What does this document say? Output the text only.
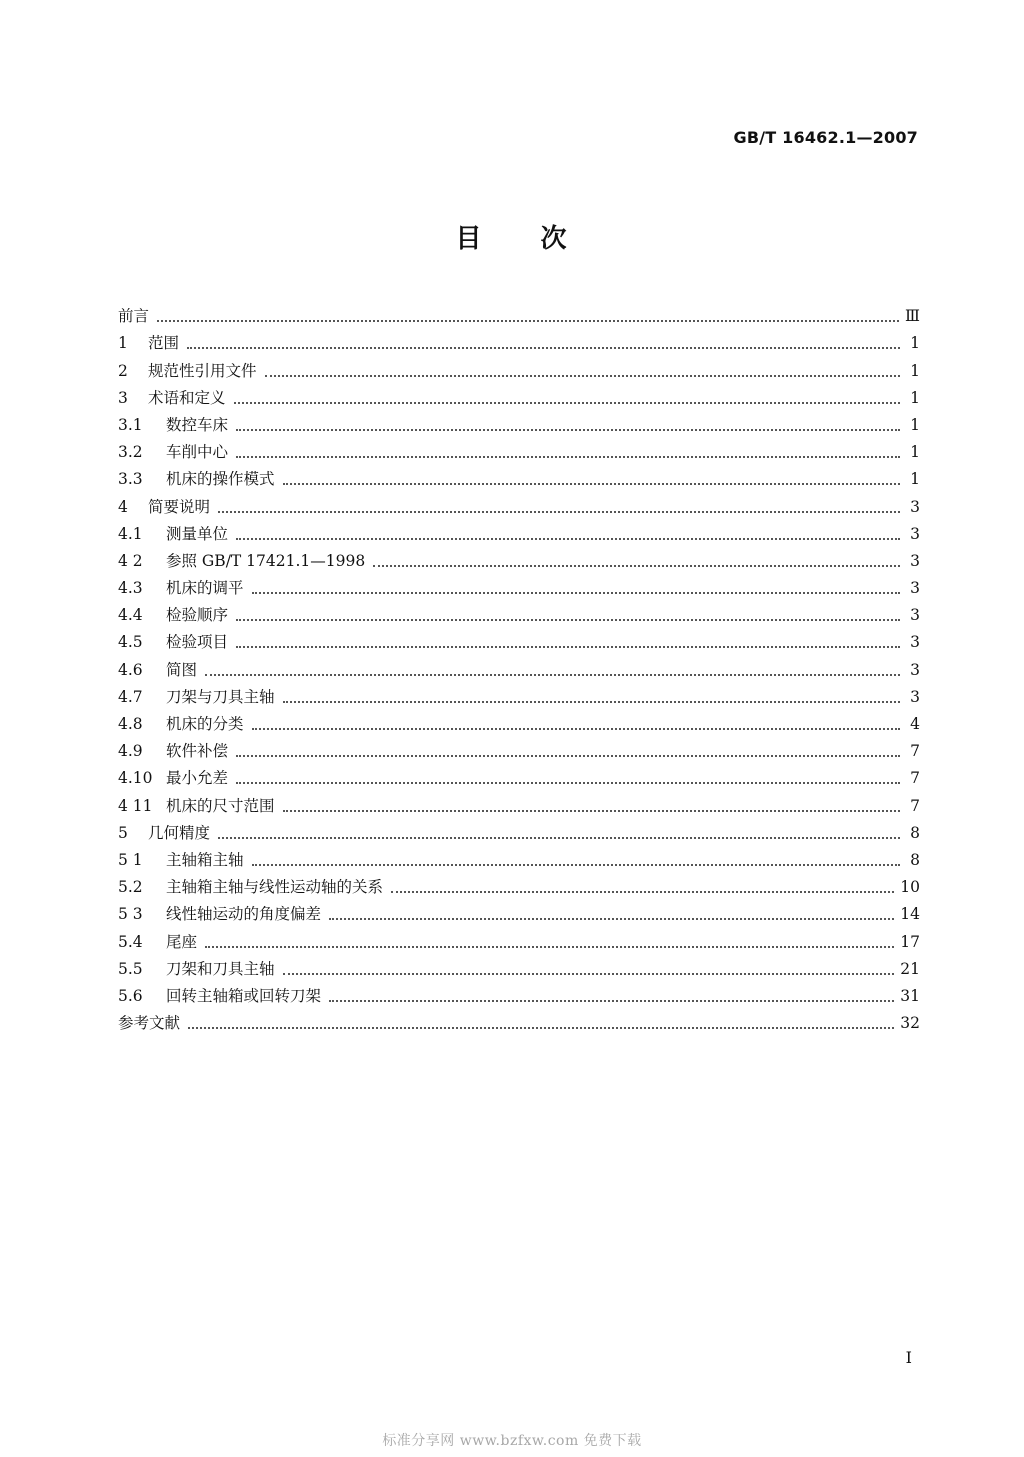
GB/T 16462.1—2007
目 次
前言	Ⅲ
1	范围	1
2	规范性引用文件	1
3	术语和定义	1
3.1	数控车床	1
3.2	车削中心	1
3.3	机床的操作模式	1
4	简要说明	3
4.1	测量单位	3
4 2	参照 GB/T 17421.1—1998	3
4.3	机床的调平	3
4.4	检验顺序	3
4.5	检验项目	3
4.6	简图	3
4.7	刀架与刀具主轴	3
4.8	机床的分类	4
4.9	软件补偿	7
4.10 最小允差	7
4 11 机床的尺寸范围	7
5	几何精度	8
5 1	主轴箱主轴	8
5.2	主轴箱主轴与线性运动轴的关系	10
5 3	线性轴运动的角度偏差	14
5.4	尾座	17
5.5	刀架和刀具主轴	21
5.6	回转主轴箱或回转刀架	31
参考文献	32
I
标准分享网 www.bzfxw.com 免费下载
